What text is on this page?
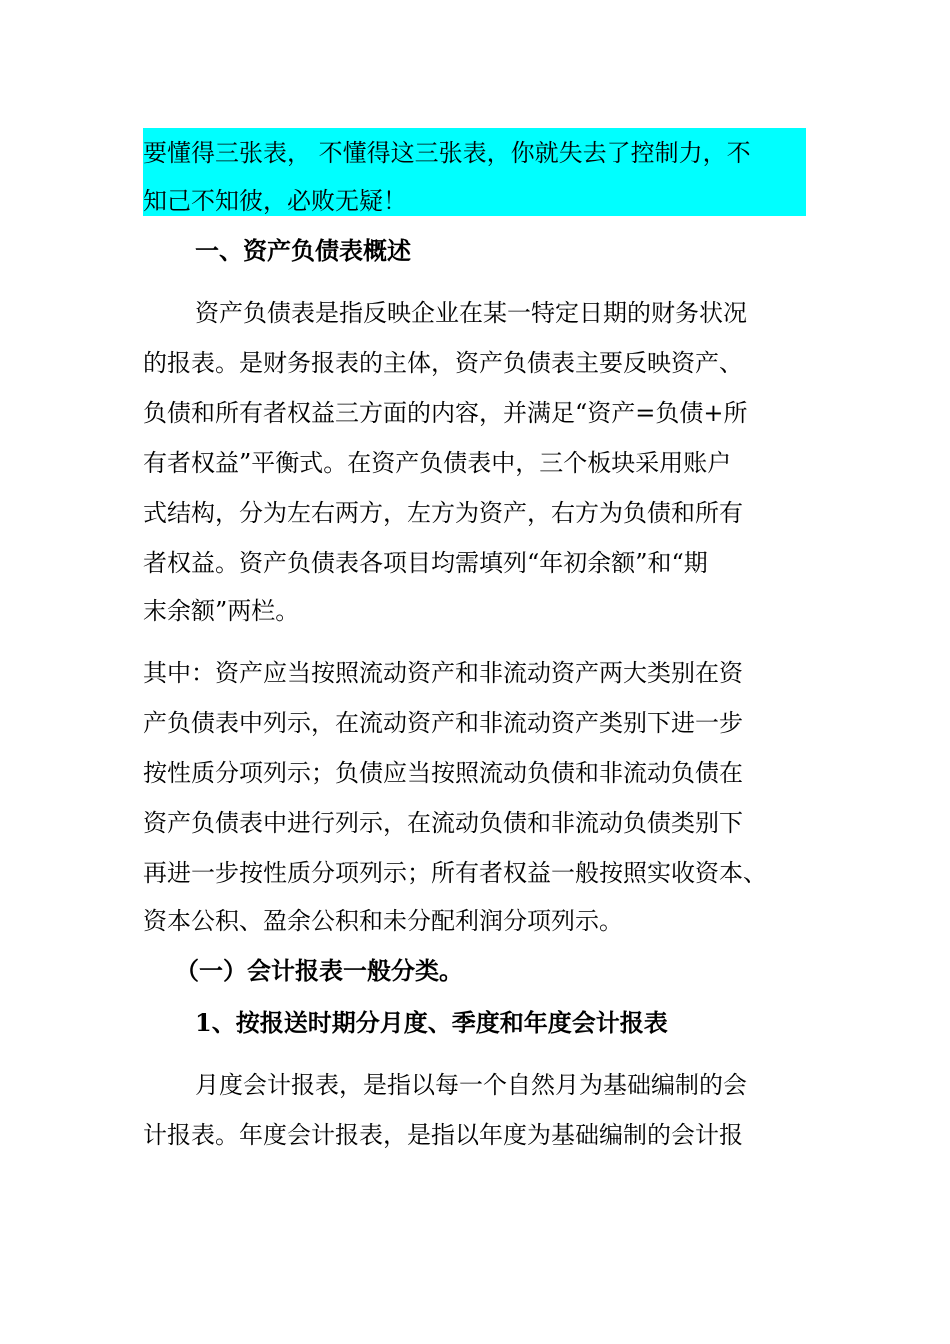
要懂得三张表， 不懂得这三张表，你就失去了控制力，不
知己不知彼，必败无疑！
一、资产负债表概述
资产负债表是指反映企业在某一特定日期的财务状况
的报表。是财务报表的主体，资产负债表主要反映资产、
负债和所有者权益三方面的内容，并满足“资产=负债+所
有者权益”平衡式。在资产负债表中，三个板块采用账户
式结构，分为左右两方，左方为资产，右方为负债和所有
者权益。资产负债表各项目均需填列“年初余额”和“期
末余额”两栏。
其中：资产应当按照流动资产和非流动资产两大类别在资
产负债表中列示，在流动资产和非流动资产类别下进一步
按性质分项列示；负债应当按照流动负债和非流动负债在
资产负债表中进行列示，在流动负债和非流动负债类别下
再进一步按性质分项列示；所有者权益一般按照实收资本、
资本公积、盈余公积和未分配利润分项列示。
（一）会计报表一般分类。
1、按报送时期分月度、季度和年度会计报表
月度会计报表，是指以每一个自然月为基础编制的会
计报表。年度会计报表，是指以年度为基础编制的会计报
